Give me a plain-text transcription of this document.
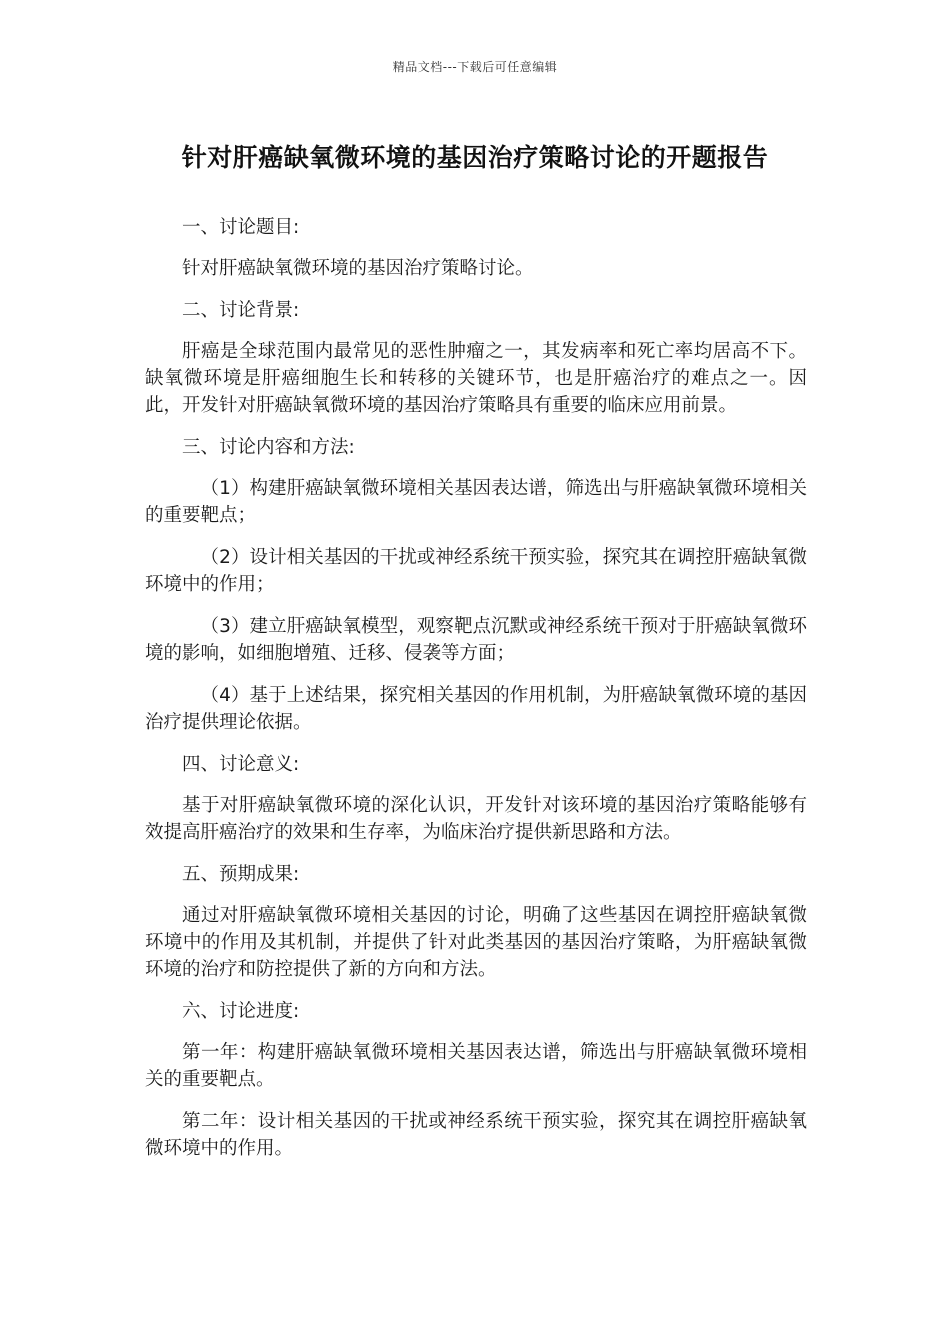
精品文档---下载后可任意编辑
针对肝癌缺氧微环境的基因治疗策略讨论的开题报告

一、讨论题目:

针对肝癌缺氧微环境的基因治疗策略讨论。

二、讨论背景:

肝癌是全球范围内最常见的恶性肿瘤之一，其发病率和死亡率均居高不下。缺氧微环境是肝癌细胞生长和转移的关键环节，也是肝癌治疗的难点之一。因此，开发针对肝癌缺氧微环境的基因治疗策略具有重要的临床应用前景。

三、讨论内容和方法:

（1）构建肝癌缺氧微环境相关基因表达谱，筛选出与肝癌缺氧微环境相关的重要靶点；

（2）设计相关基因的干扰或神经系统干预实验，探究其在调控肝癌缺氧微环境中的作用；

（3）建立肝癌缺氧模型，观察靶点沉默或神经系统干预对于肝癌缺氧微环境的影响，如细胞增殖、迁移、侵袭等方面；

（4）基于上述结果，探究相关基因的作用机制，为肝癌缺氧微环境的基因治疗提供理论依据。

四、讨论意义:

基于对肝癌缺氧微环境的深化认识，开发针对该环境的基因治疗策略能够有效提高肝癌治疗的效果和生存率，为临床治疗提供新思路和方法。

五、预期成果:

通过对肝癌缺氧微环境相关基因的讨论，明确了这些基因在调控肝癌缺氧微环境中的作用及其机制，并提供了针对此类基因的基因治疗策略，为肝癌缺氧微环境的治疗和防控提供了新的方向和方法。

六、讨论进度:

第一年：构建肝癌缺氧微环境相关基因表达谱，筛选出与肝癌缺氧微环境相关的重要靶点。

第二年：设计相关基因的干扰或神经系统干预实验，探究其在调控肝癌缺氧微环境中的作用。
